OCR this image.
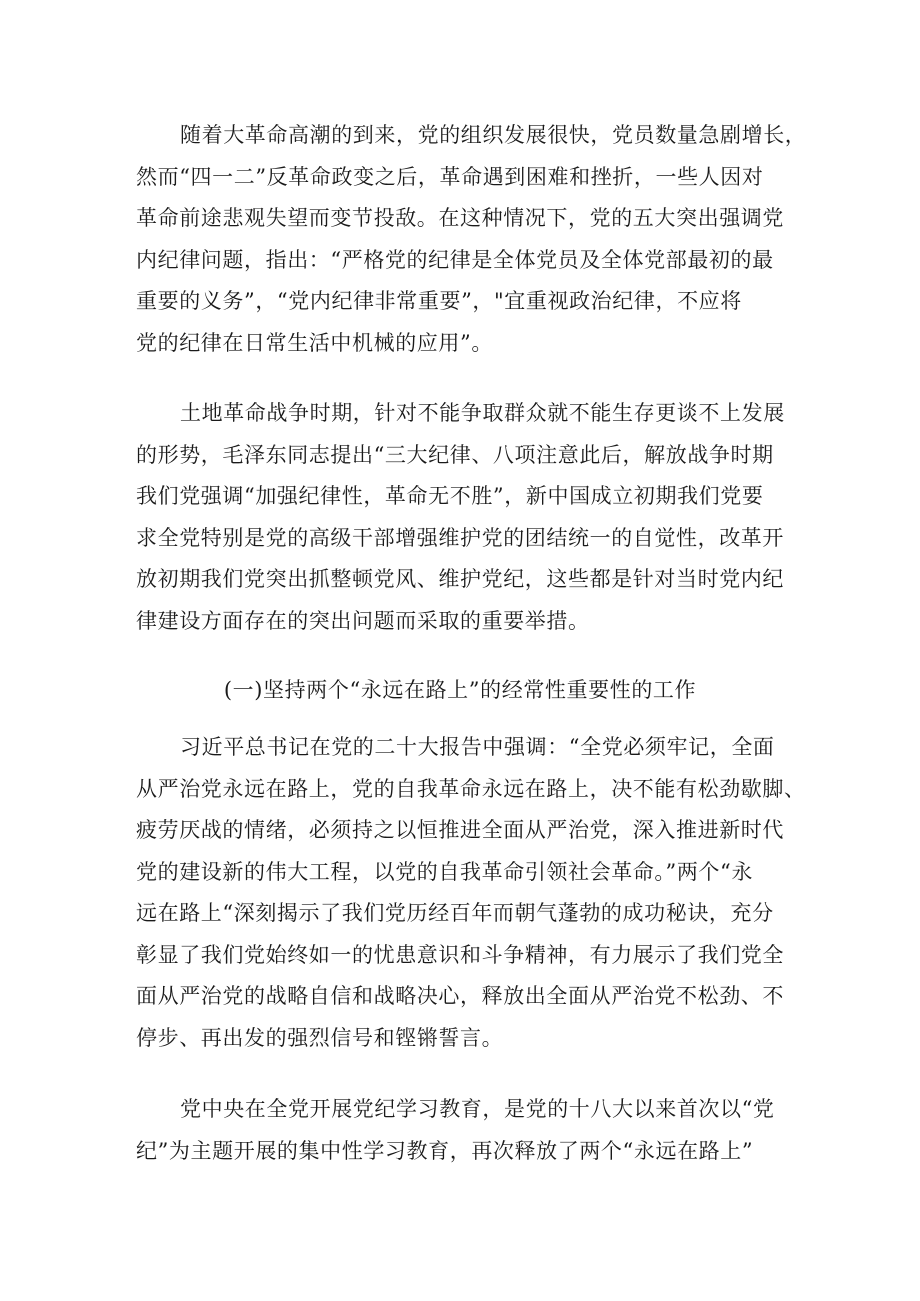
随着大革命高潮的到来，党的组织发展很快，党员数量急剧增长，
然而“四一二”反革命政变之后，革命遇到困难和挫折，一些人因对
革命前途悲观失望而变节投敌。在这种情况下，党的五大突出强调党
内纪律问题，指出：“严格党的纪律是全体党员及全体党部最初的最
重要的义务”，“党内纪律非常重要”，"宜重视政治纪律，不应将
党的纪律在日常生活中机械的应用”。

土地革命战争时期，针对不能争取群众就不能生存更谈不上发展
的形势，毛泽东同志提出“三大纪律、八项注意此后，解放战争时期
我们党强调“加强纪律性，革命无不胜”，新中国成立初期我们党要
求全党特别是党的高级干部增强维护党的团结统一的自觉性，改革开
放初期我们党突出抓整顿党风、维护党纪，这些都是针对当时党内纪
律建设方面存在的突出问题而采取的重要举措。

(一)坚持两个“永远在路上”的经常性重要性的工作

习近平总书记在党的二十大报告中强调：“全党必须牢记，全面
从严治党永远在路上，党的自我革命永远在路上，决不能有松劲歇脚、
疲劳厌战的情绪，必须持之以恒推进全面从严治党，深入推进新时代
党的建设新的伟大工程，以党的自我革命引领社会革命。”两个“永
远在路上“深刻揭示了我们党历经百年而朝气蓬勃的成功秘诀，充分
彰显了我们党始终如一的忧患意识和斗争精神，有力展示了我们党全
面从严治党的战略自信和战略决心，释放出全面从严治党不松劲、不
停步、再出发的强烈信号和铿锵誓言。

党中央在全党开展党纪学习教育，是党的十八大以来首次以“党
纪”为主题开展的集中性学习教育，再次释放了两个“永远在路上”
